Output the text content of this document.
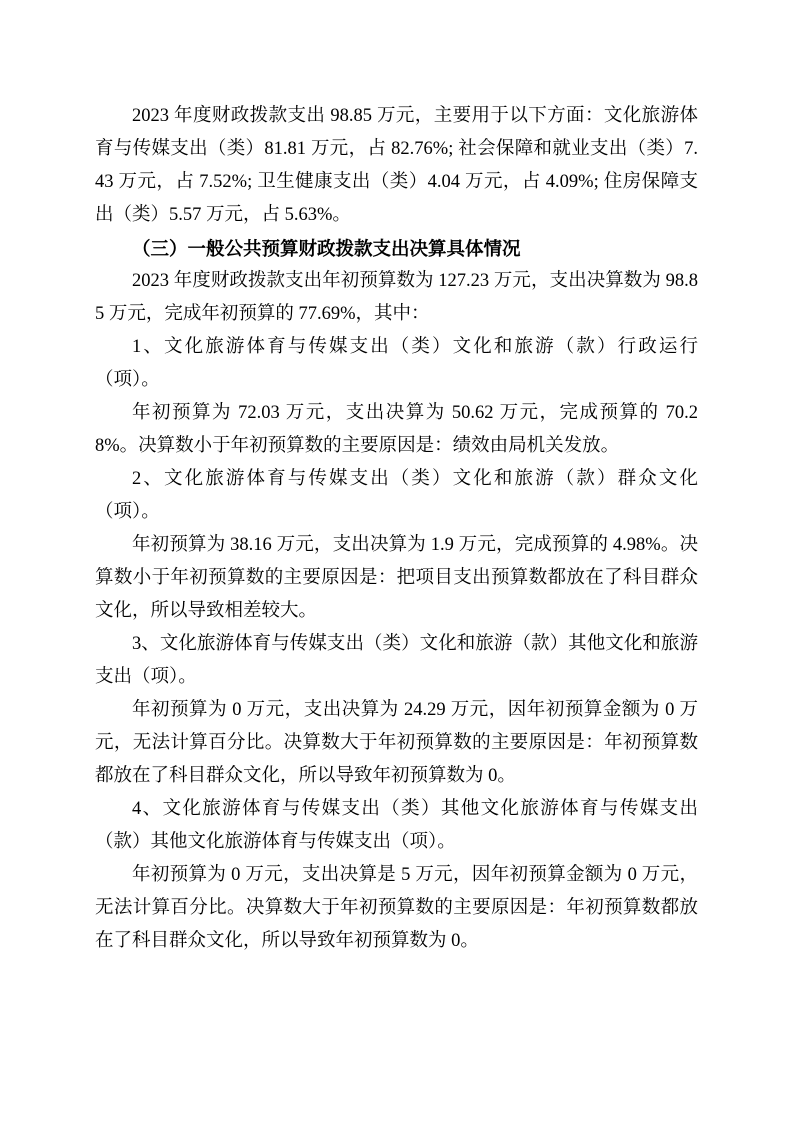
2023 年度财政拨款支出 98.85 万元，主要用于以下方面：文化旅游体育与传媒支出（类）81.81 万元，占 82.76%; 社会保障和就业支出（类）7.43 万元，占 7.52%; 卫生健康支出（类）4.04 万元，占 4.09%; 住房保障支出（类）5.57 万元，占 5.63%。

（三）一般公共预算财政拨款支出决算具体情况

2023 年度财政拨款支出年初预算数为 127.23 万元，支出决算数为 98.85 万元，完成年初预算的 77.69%，其中：

1、文化旅游体育与传媒支出（类）文化和旅游（款）行政运行（项）。

年初预算为 72.03 万元，支出决算为 50.62 万元，完成预算的 70.28%。决算数小于年初预算数的主要原因是：绩效由局机关发放。

2、文化旅游体育与传媒支出（类）文化和旅游（款）群众文化（项）。

年初预算为 38.16 万元，支出决算为 1.9 万元，完成预算的 4.98%。决算数小于年初预算数的主要原因是：把项目支出预算数都放在了科目群众文化，所以导致相差较大。

3、文化旅游体育与传媒支出（类）文化和旅游（款）其他文化和旅游支出（项）。

年初预算为 0 万元，支出决算为 24.29 万元，因年初预算金额为 0 万元，无法计算百分比。决算数大于年初预算数的主要原因是：年初预算数都放在了科目群众文化，所以导致年初预算数为 0。

4、文化旅游体育与传媒支出（类）其他文化旅游体育与传媒支出（款）其他文化旅游体育与传媒支出（项）。

年初预算为 0 万元，支出决算是 5 万元，因年初预算金额为 0 万元，无法计算百分比。决算数大于年初预算数的主要原因是：年初预算数都放在了科目群众文化，所以导致年初预算数为 0。
